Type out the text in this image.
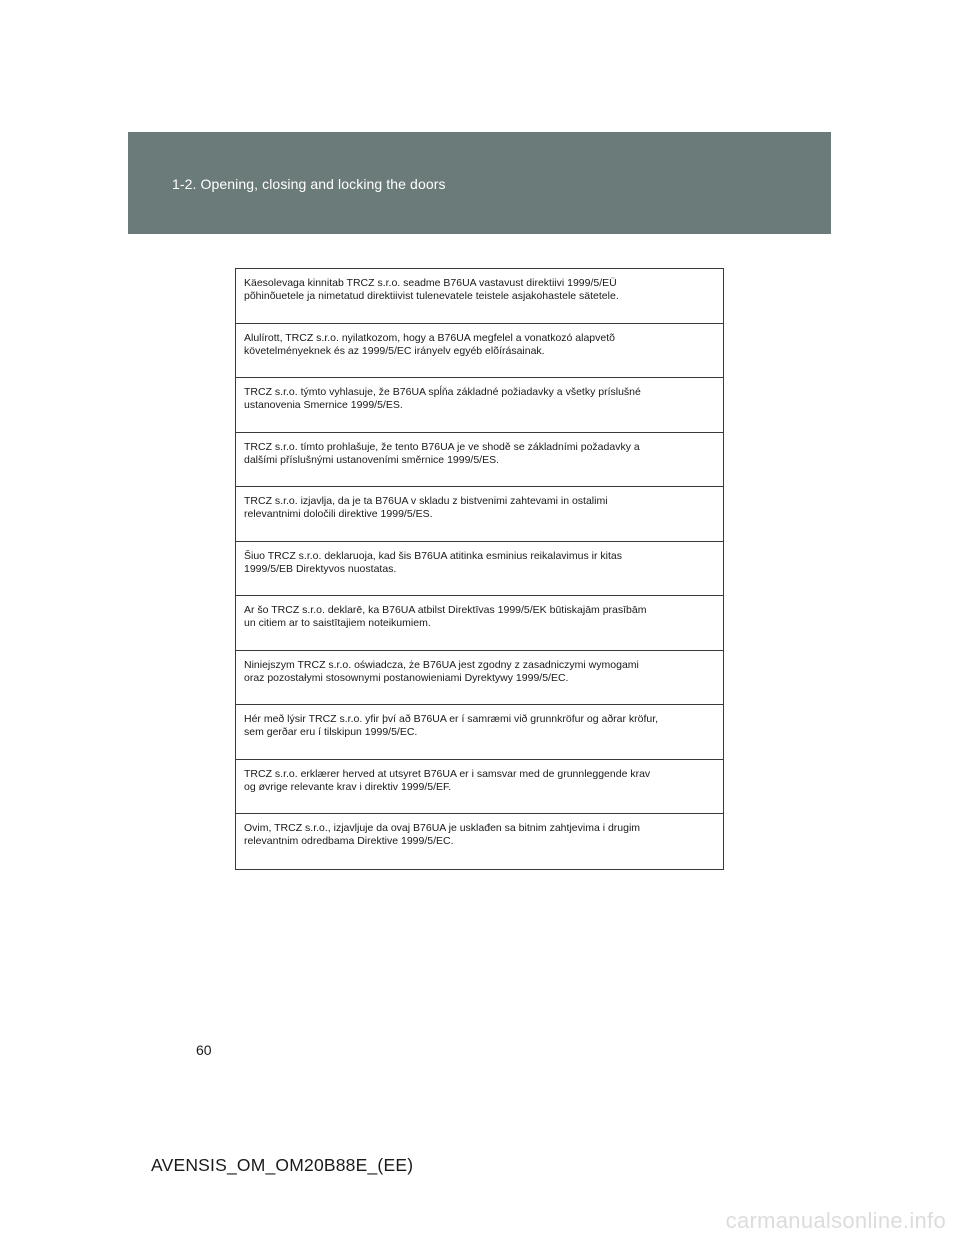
1-2. Opening, closing and locking the doors
Käesolevaga kinnitab TRCZ s.r.o. seadme B76UA vastavust direktiivi 1999/5/EÜ
põhinõuetele ja nimetatud direktiivist tulenevatele teistele asjakohastele sätetele.
Alulírott, TRCZ s.r.o. nyilatkozom, hogy a B76UA megfelel a vonatkozó alapvetõ
követelményeknek és az 1999/5/EC irányelv egyéb elõírásainak.
TRCZ s.r.o. týmto vyhlasuje, že B76UA spĺňa základné požiadavky a všetky príslušné
ustanovenia Smernice 1999/5/ES.
TRCZ s.r.o. tímto prohlašuje, že tento B76UA je ve shodě se základními požadavky a
dalšími příslušnými ustanoveními směrnice 1999/5/ES.
TRCZ s.r.o. izjavlja, da je ta B76UA v skladu z bistvenimi zahtevami in ostalimi
relevantnimi določili direktive 1999/5/ES.
Šiuo TRCZ s.r.o. deklaruoja, kad šis B76UA atitinka esminius reikalavimus ir kitas
1999/5/EB Direktyvos nuostatas.
Ar šo TRCZ s.r.o. deklarē, ka B76UA atbilst Direktīvas 1999/5/EK būtiskajām prasībām
un citiem ar to saistītajiem noteikumiem.
Niniejszym TRCZ s.r.o. oświadcza, że B76UA jest zgodny z zasadniczymi wymogami
oraz pozostałymi stosownymi postanowieniami Dyrektywy 1999/5/EC.
Hér með lýsir TRCZ s.r.o. yfir því að B76UA er í samræmi við grunnkröfur og aðrar kröfur,
sem gerðar eru í tilskipun 1999/5/EC.
TRCZ s.r.o. erklærer herved at utsyret B76UA er i samsvar med de grunnleggende krav
og øvrige relevante krav i direktiv 1999/5/EF.
Ovim, TRCZ s.r.o., izjavljuje da ovaj B76UA je usklađen sa bitnim zahtjevima i drugim
relevantnim odredbama Direktive 1999/5/EC.
60
AVENSIS_OM_OM20B88E_(EE)
carmanualsonline.info
